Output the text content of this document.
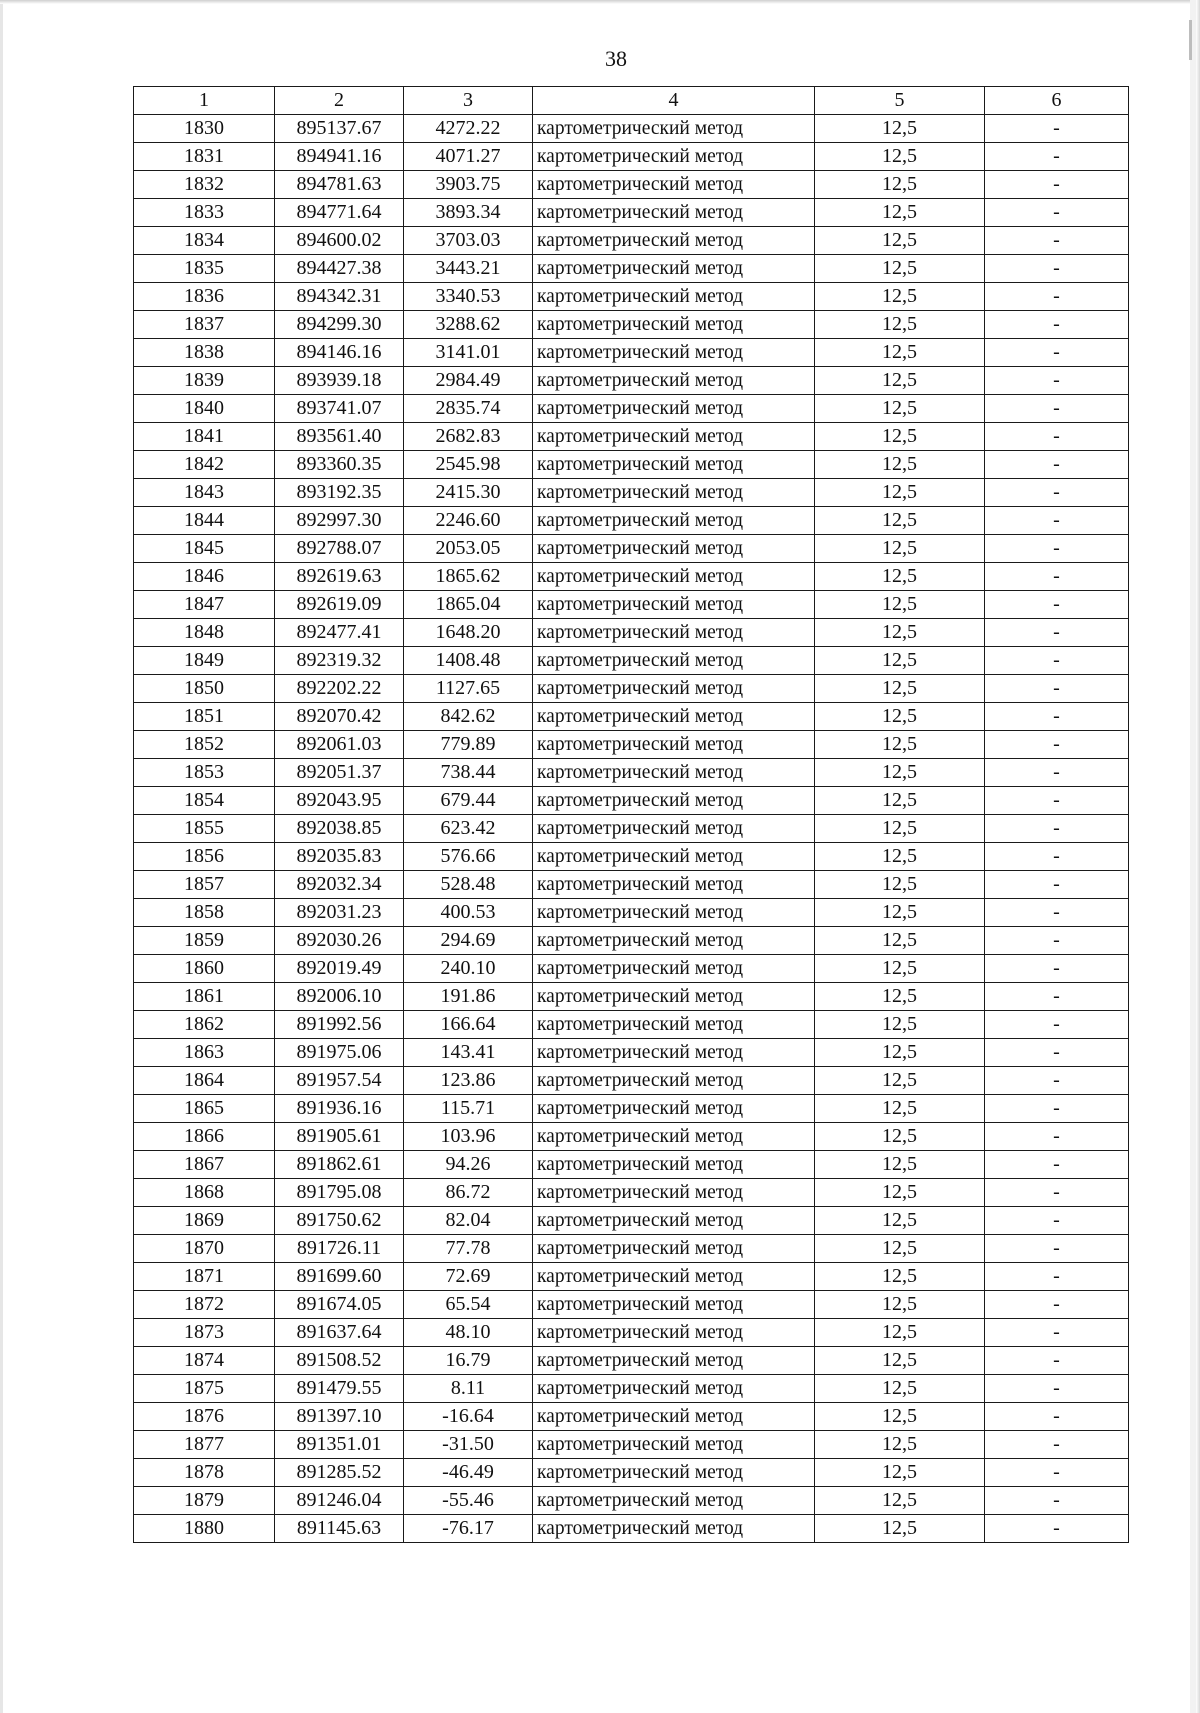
38
1	2	3	4	5	6
1830	895137.67	4272.22	картометрический метод	12,5	-
1831	894941.16	4071.27	картометрический метод	12,5	-
1832	894781.63	3903.75	картометрический метод	12,5	-
1833	894771.64	3893.34	картометрический метод	12,5	-
1834	894600.02	3703.03	картометрический метод	12,5	-
1835	894427.38	3443.21	картометрический метод	12,5	-
1836	894342.31	3340.53	картометрический метод	12,5	-
1837	894299.30	3288.62	картометрический метод	12,5	-
1838	894146.16	3141.01	картометрический метод	12,5	-
1839	893939.18	2984.49	картометрический метод	12,5	-
1840	893741.07	2835.74	картометрический метод	12,5	-
1841	893561.40	2682.83	картометрический метод	12,5	-
1842	893360.35	2545.98	картометрический метод	12,5	-
1843	893192.35	2415.30	картометрический метод	12,5	-
1844	892997.30	2246.60	картометрический метод	12,5	-
1845	892788.07	2053.05	картометрический метод	12,5	-
1846	892619.63	1865.62	картометрический метод	12,5	-
1847	892619.09	1865.04	картометрический метод	12,5	-
1848	892477.41	1648.20	картометрический метод	12,5	-
1849	892319.32	1408.48	картометрический метод	12,5	-
1850	892202.22	1127.65	картометрический метод	12,5	-
1851	892070.42	842.62	картометрический метод	12,5	-
1852	892061.03	779.89	картометрический метод	12,5	-
1853	892051.37	738.44	картометрический метод	12,5	-
1854	892043.95	679.44	картометрический метод	12,5	-
1855	892038.85	623.42	картометрический метод	12,5	-
1856	892035.83	576.66	картометрический метод	12,5	-
1857	892032.34	528.48	картометрический метод	12,5	-
1858	892031.23	400.53	картометрический метод	12,5	-
1859	892030.26	294.69	картометрический метод	12,5	-
1860	892019.49	240.10	картометрический метод	12,5	-
1861	892006.10	191.86	картометрический метод	12,5	-
1862	891992.56	166.64	картометрический метод	12,5	-
1863	891975.06	143.41	картометрический метод	12,5	-
1864	891957.54	123.86	картометрический метод	12,5	-
1865	891936.16	115.71	картометрический метод	12,5	-
1866	891905.61	103.96	картометрический метод	12,5	-
1867	891862.61	94.26	картометрический метод	12,5	-
1868	891795.08	86.72	картометрический метод	12,5	-
1869	891750.62	82.04	картометрический метод	12,5	-
1870	891726.11	77.78	картометрический метод	12,5	-
1871	891699.60	72.69	картометрический метод	12,5	-
1872	891674.05	65.54	картометрический метод	12,5	-
1873	891637.64	48.10	картометрический метод	12,5	-
1874	891508.52	16.79	картометрический метод	12,5	-
1875	891479.55	8.11	картометрический метод	12,5	-
1876	891397.10	-16.64	картометрический метод	12,5	-
1877	891351.01	-31.50	картометрический метод	12,5	-
1878	891285.52	-46.49	картометрический метод	12,5	-
1879	891246.04	-55.46	картометрический метод	12,5	-
1880	891145.63	-76.17	картометрический метод	12,5	-
